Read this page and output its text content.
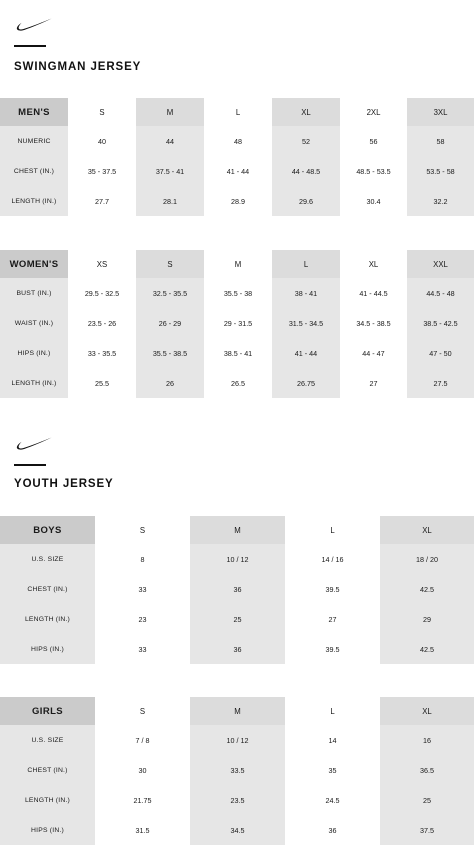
SWINGMAN JERSEY
MEN'S	S	M	L	XL	2XL	3XL
NUMERIC	40	44	48	52	56	58
CHEST (IN.)	35 - 37.5	37.5 - 41	41 - 44	44 - 48.5	48.5 - 53.5	53.5 - 58
LENGTH (IN.)	27.7	28.1	28.9	29.6	30.4	32.2
WOMEN'S	XS	S	M	L	XL	XXL
BUST (IN.)	29.5 - 32.5	32.5 - 35.5	35.5 - 38	38 - 41	41 - 44.5	44.5 - 48
WAIST (IN.)	23.5 - 26	26 - 29	29 - 31.5	31.5 - 34.5	34.5 - 38.5	38.5 - 42.5
HIPS (IN.)	33 - 35.5	35.5 - 38.5	38.5 - 41	41 - 44	44 - 47	47 - 50
LENGTH (IN.)	25.5	26	26.5	26.75	27	27.5
YOUTH JERSEY
BOYS	S	M	L	XL
U.S. SIZE	8	10 / 12	14 / 16	18 / 20
CHEST (IN.)	33	36	39.5	42.5
LENGTH (IN.)	23	25	27	29
HIPS (IN.)	33	36	39.5	42.5
GIRLS	S	M	L	XL
U.S. SIZE	7 / 8	10 / 12	14	16
CHEST (IN.)	30	33.5	35	36.5
LENGTH (IN.)	21.75	23.5	24.5	25
HIPS (IN.)	31.5	34.5	36	37.5
